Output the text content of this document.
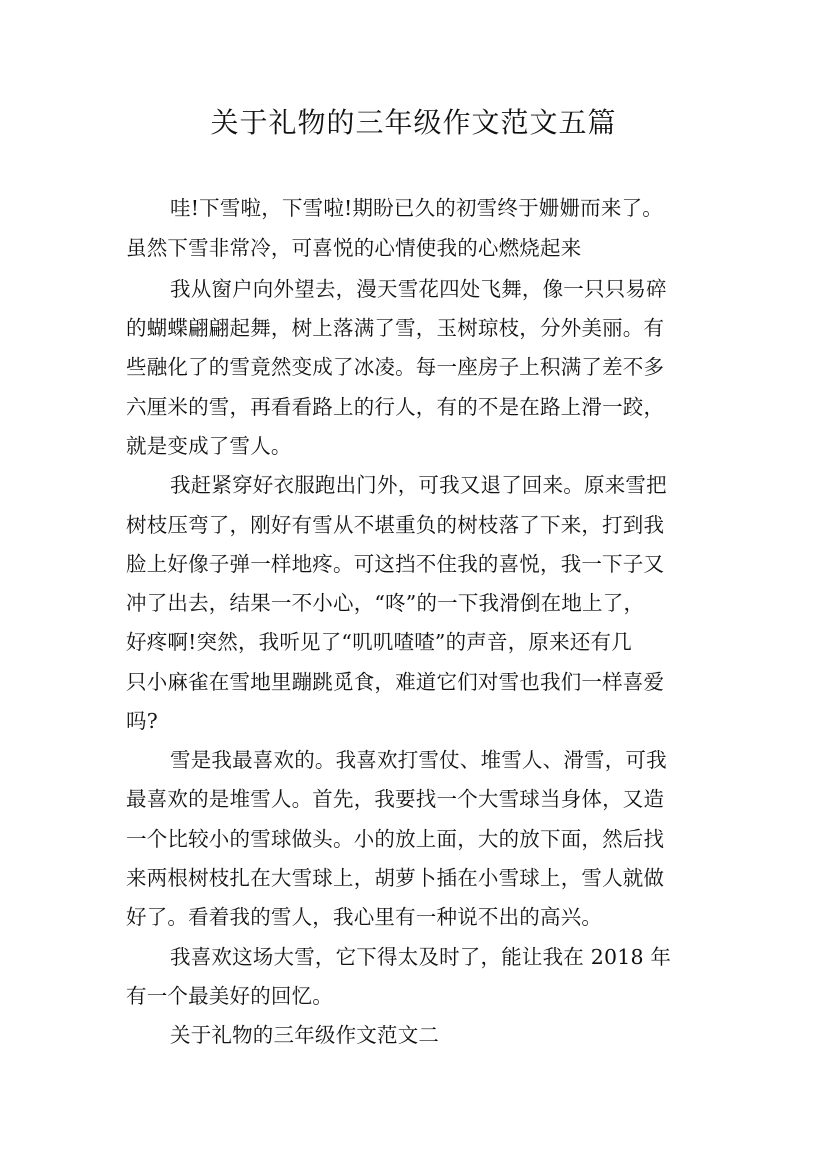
关于礼物的三年级作文范文五篇
哇!下雪啦，下雪啦!期盼已久的初雪终于姗姗而来了。
虽然下雪非常冷，可喜悦的心情使我的心燃烧起来
我从窗户向外望去，漫天雪花四处飞舞，像一只只易碎
的蝴蝶翩翩起舞，树上落满了雪，玉树琼枝，分外美丽。有
些融化了的雪竟然变成了冰凌。每一座房子上积满了差不多
六厘米的雪，再看看路上的行人，有的不是在路上滑一跤，
就是变成了雪人。
我赶紧穿好衣服跑出门外，可我又退了回来。原来雪把
树枝压弯了，刚好有雪从不堪重负的树枝落了下来，打到我
脸上好像子弹一样地疼。可这挡不住我的喜悦，我一下子又
冲了出去，结果一不小心，“咚”的一下我滑倒在地上了，
好疼啊!突然，我听见了“叽叽喳喳”的声音，原来还有几
只小麻雀在雪地里蹦跳觅食，难道它们对雪也我们一样喜爱
吗?
雪是我最喜欢的。我喜欢打雪仗、堆雪人、滑雪，可我
最喜欢的是堆雪人。首先，我要找一个大雪球当身体，又造
一个比较小的雪球做头。小的放上面，大的放下面，然后找
来两根树枝扎在大雪球上，胡萝卜插在小雪球上，雪人就做
好了。看着我的雪人，我心里有一种说不出的高兴。
我喜欢这场大雪，它下得太及时了，能让我在 2018 年
有一个最美好的回忆。
关于礼物的三年级作文范文二
